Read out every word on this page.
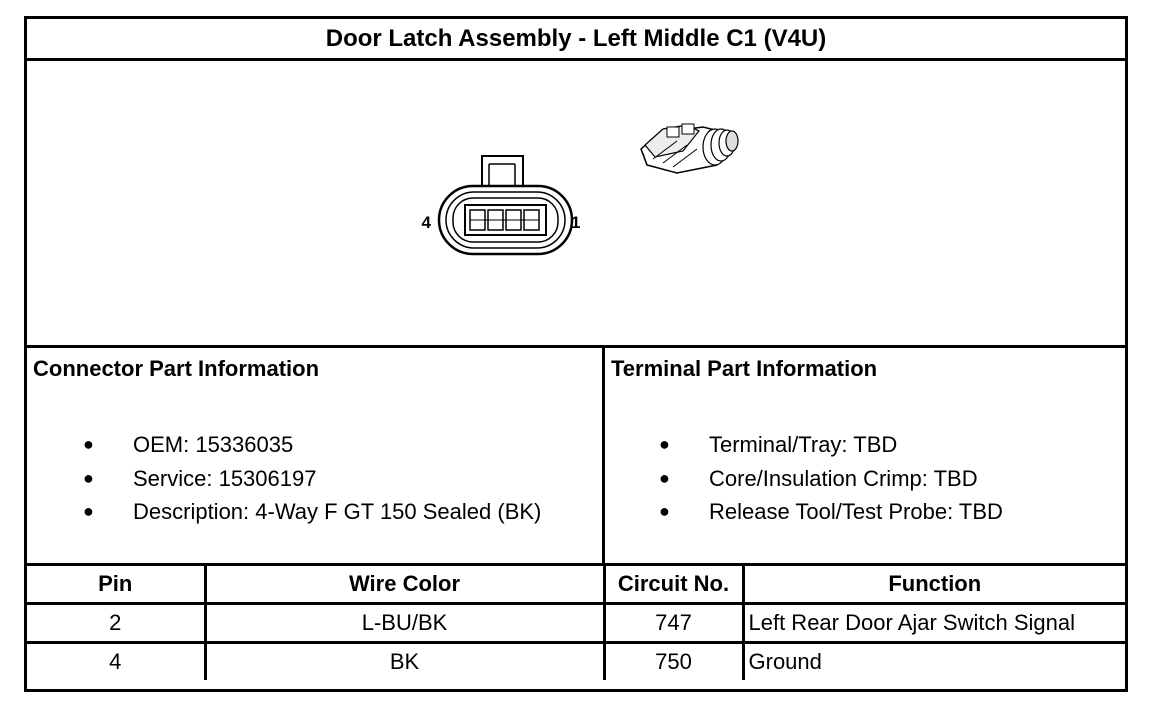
Door Latch Assembly - Left Middle C1 (V4U)
4	1
Connector Part Information
● OEM: 15336035
● Service: 15306197
● Description: 4-Way F GT 150 Sealed (BK)
Terminal Part Information
● Terminal/Tray: TBD
● Core/Insulation Crimp: TBD
● Release Tool/Test Probe: TBD
Pin	Wire Color	Circuit No.	Function
2	L-BU/BK	747	Left Rear Door Ajar Switch Signal
4	BK	750	Ground
